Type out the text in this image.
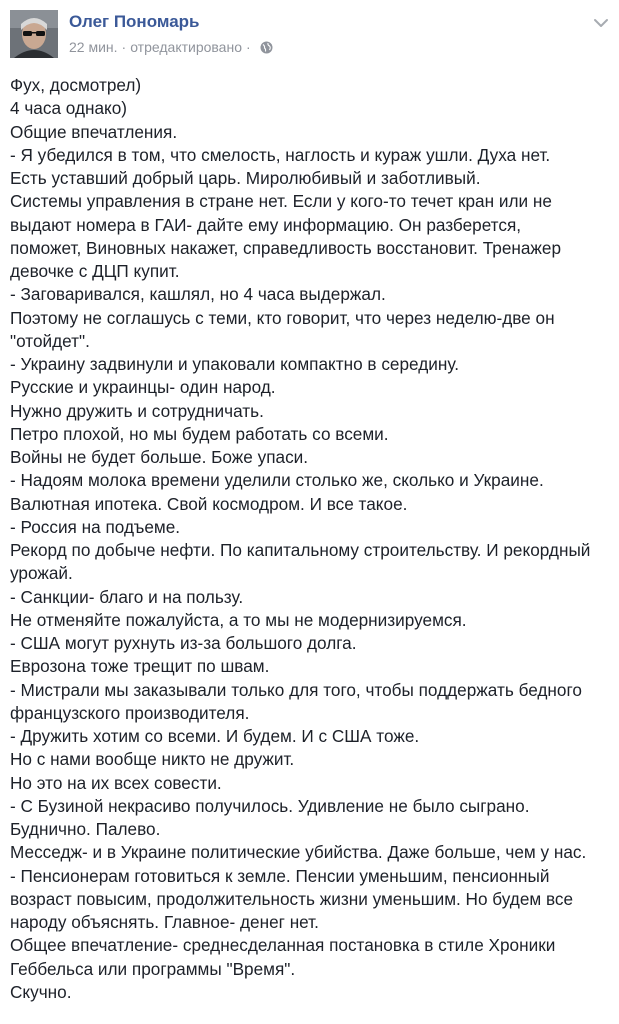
Олег Пономарь
22 мин. · отредактировано ·
Фух, досмотрел)
4 часа однако)
Общие впечатления.
- Я убедился в том, что смелость, наглость и кураж ушли. Духа нет.
Есть уставший добрый царь. Миролюбивый и заботливый.
Системы управления в стране нет. Если у кого-то течет кран или не
выдают номера в ГАИ- дайте ему информацию. Он разберется,
поможет, Виновных накажет, справедливость восстановит. Тренажер
девочке с ДЦП купит.
- Заговаривался, кашлял, но 4 часа выдержал.
Поэтому не соглашусь с теми, кто говорит, что через неделю-две он
"отойдет".
- Украину задвинули и упаковали компактно в середину.
Русские и украинцы- один народ.
Нужно дружить и сотрудничать.
Петро плохой, но мы будем работать со всеми.
Войны не будет больше. Боже упаси.
- Надоям молока времени уделили столько же, сколько и Украине.
Валютная ипотека. Свой космодром. И все такое.
- Россия на подъеме.
Рекорд по добыче нефти. По капитальному строительству. И рекордный
урожай.
- Санкции- благо и на пользу.
Не отменяйте пожалуйста, а то мы не модернизируемся.
- США могут рухнуть из-за большого долга.
Еврозона тоже трещит по швам.
- Мистрали мы заказывали только для того, чтобы поддержать бедного
французского производителя.
- Дружить хотим со всеми. И будем. И с США тоже.
Но с нами вообще никто не дружит.
Но это на их всех совести.
- С Бузиной некрасиво получилось. Удивление не было сыграно.
Буднично. Палево.
Месседж- и в Украине политические убийства. Даже больше, чем у нас.
- Пенсионерам готовиться к земле. Пенсии уменьшим, пенсионный
возраст повысим, продолжительность жизни уменьшим. Но будем все
народу объяснять. Главное- денег нет.
Общее впечатление- среднесделанная постановка в стиле Хроники
Геббельса или программы "Время".
Скучно.
